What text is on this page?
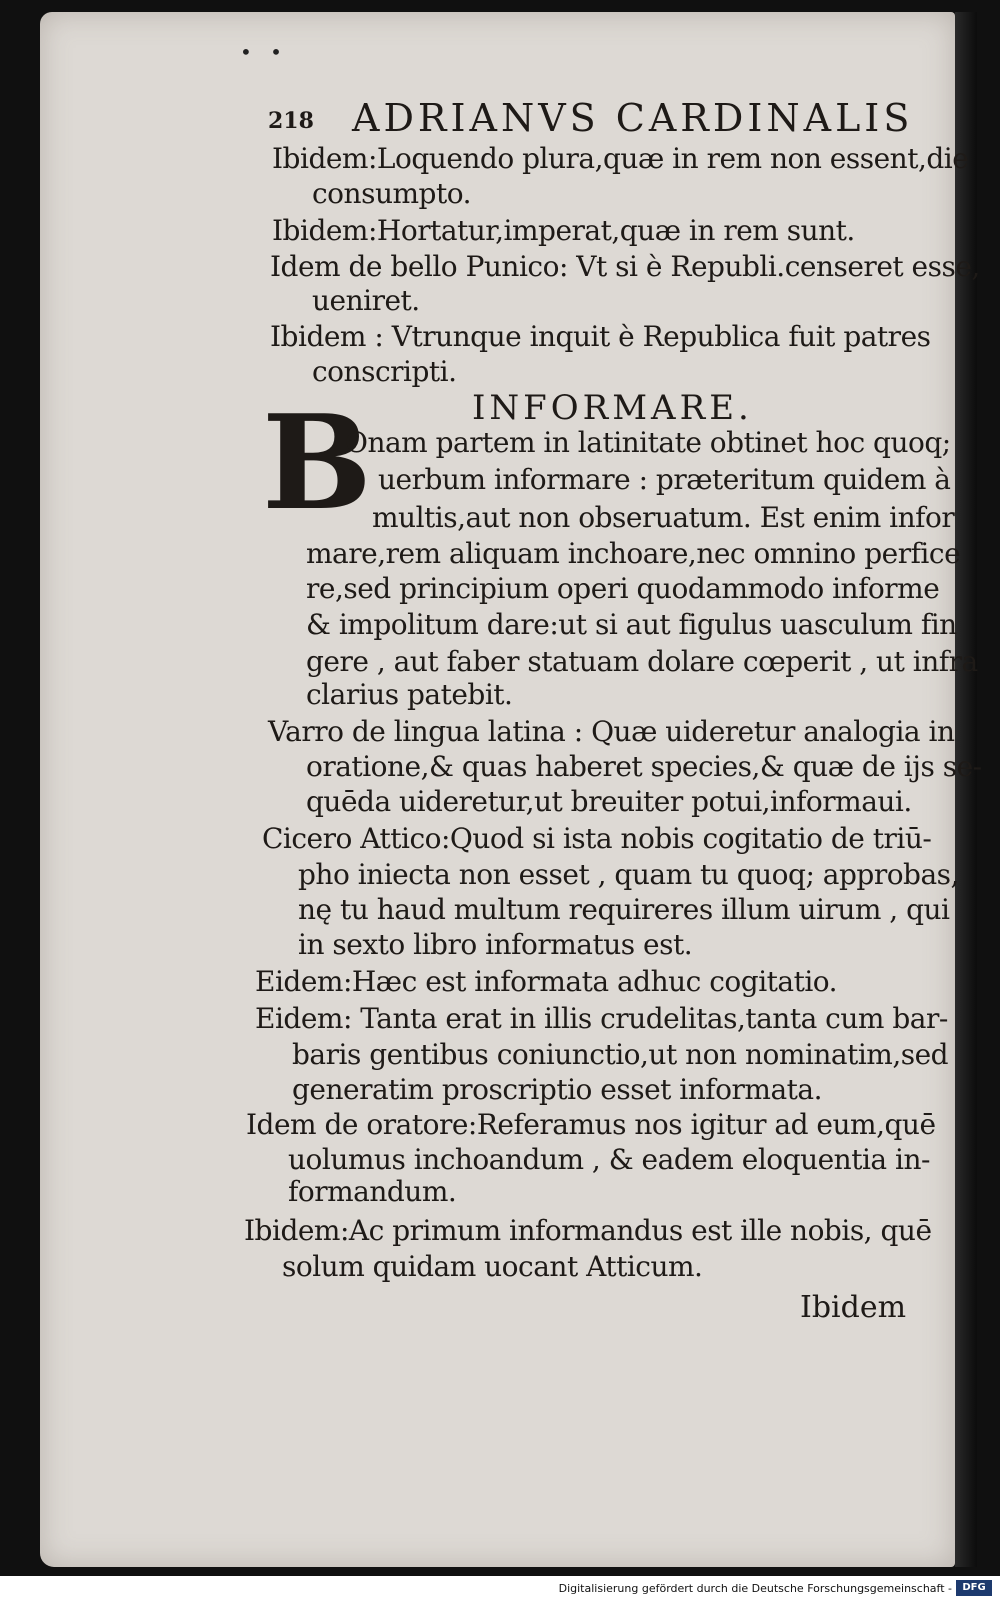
• •
218 ADRIANVS CARDINALIS
Ibidem:Loquendo plura,quæ in rem non essent,die
consumpto.
Ibidem:Hortatur,imperat,quæ in rem sunt.
Idem de bello Punico: Vt si è Republi.censeret esse,
ueniret.
Ibidem : Vtrunque inquit è Republica fuit patres
conscripti.
INFORMARE.
B
Onam partem in latinitate obtinet hoc quoq;
uerbum informare : præteritum quidem à
multis,aut non obseruatum. Est enim infor
mare,rem aliquam inchoare,nec omnino perfice
re,sed principium operi quodammodo informe
& impolitum dare:ut si aut figulus uasculum fin
gere , aut faber statuam dolare cœperit , ut infra
clarius patebit.
Varro de lingua latina : Quæ uideretur analogia in
oratione,& quas haberet species,& quæ de ijs se-
quēda uideretur,ut breuiter potui,informaui.
Cicero Attico:Quod si ista nobis cogitatio de triū-
pho iniecta non esset , quam tu quoq; approbas,
nę tu haud multum requireres illum uirum , qui
in sexto libro informatus est.
Eidem:Hæc est informata adhuc cogitatio.
Eidem: Tanta erat in illis crudelitas,tanta cum bar-
baris gentibus coniunctio,ut non nominatim,sed
generatim proscriptio esset informata.
Idem de oratore:Referamus nos igitur ad eum,quē
uolumus inchoandum , & eadem eloquentia in-
formandum.
Ibidem:Ac primum informandus est ille nobis, quē
solum quidam uocant Atticum.
Ibidem
Digitalisierung gefördert durch die Deutsche Forschungsgemeinschaft -	DFG
